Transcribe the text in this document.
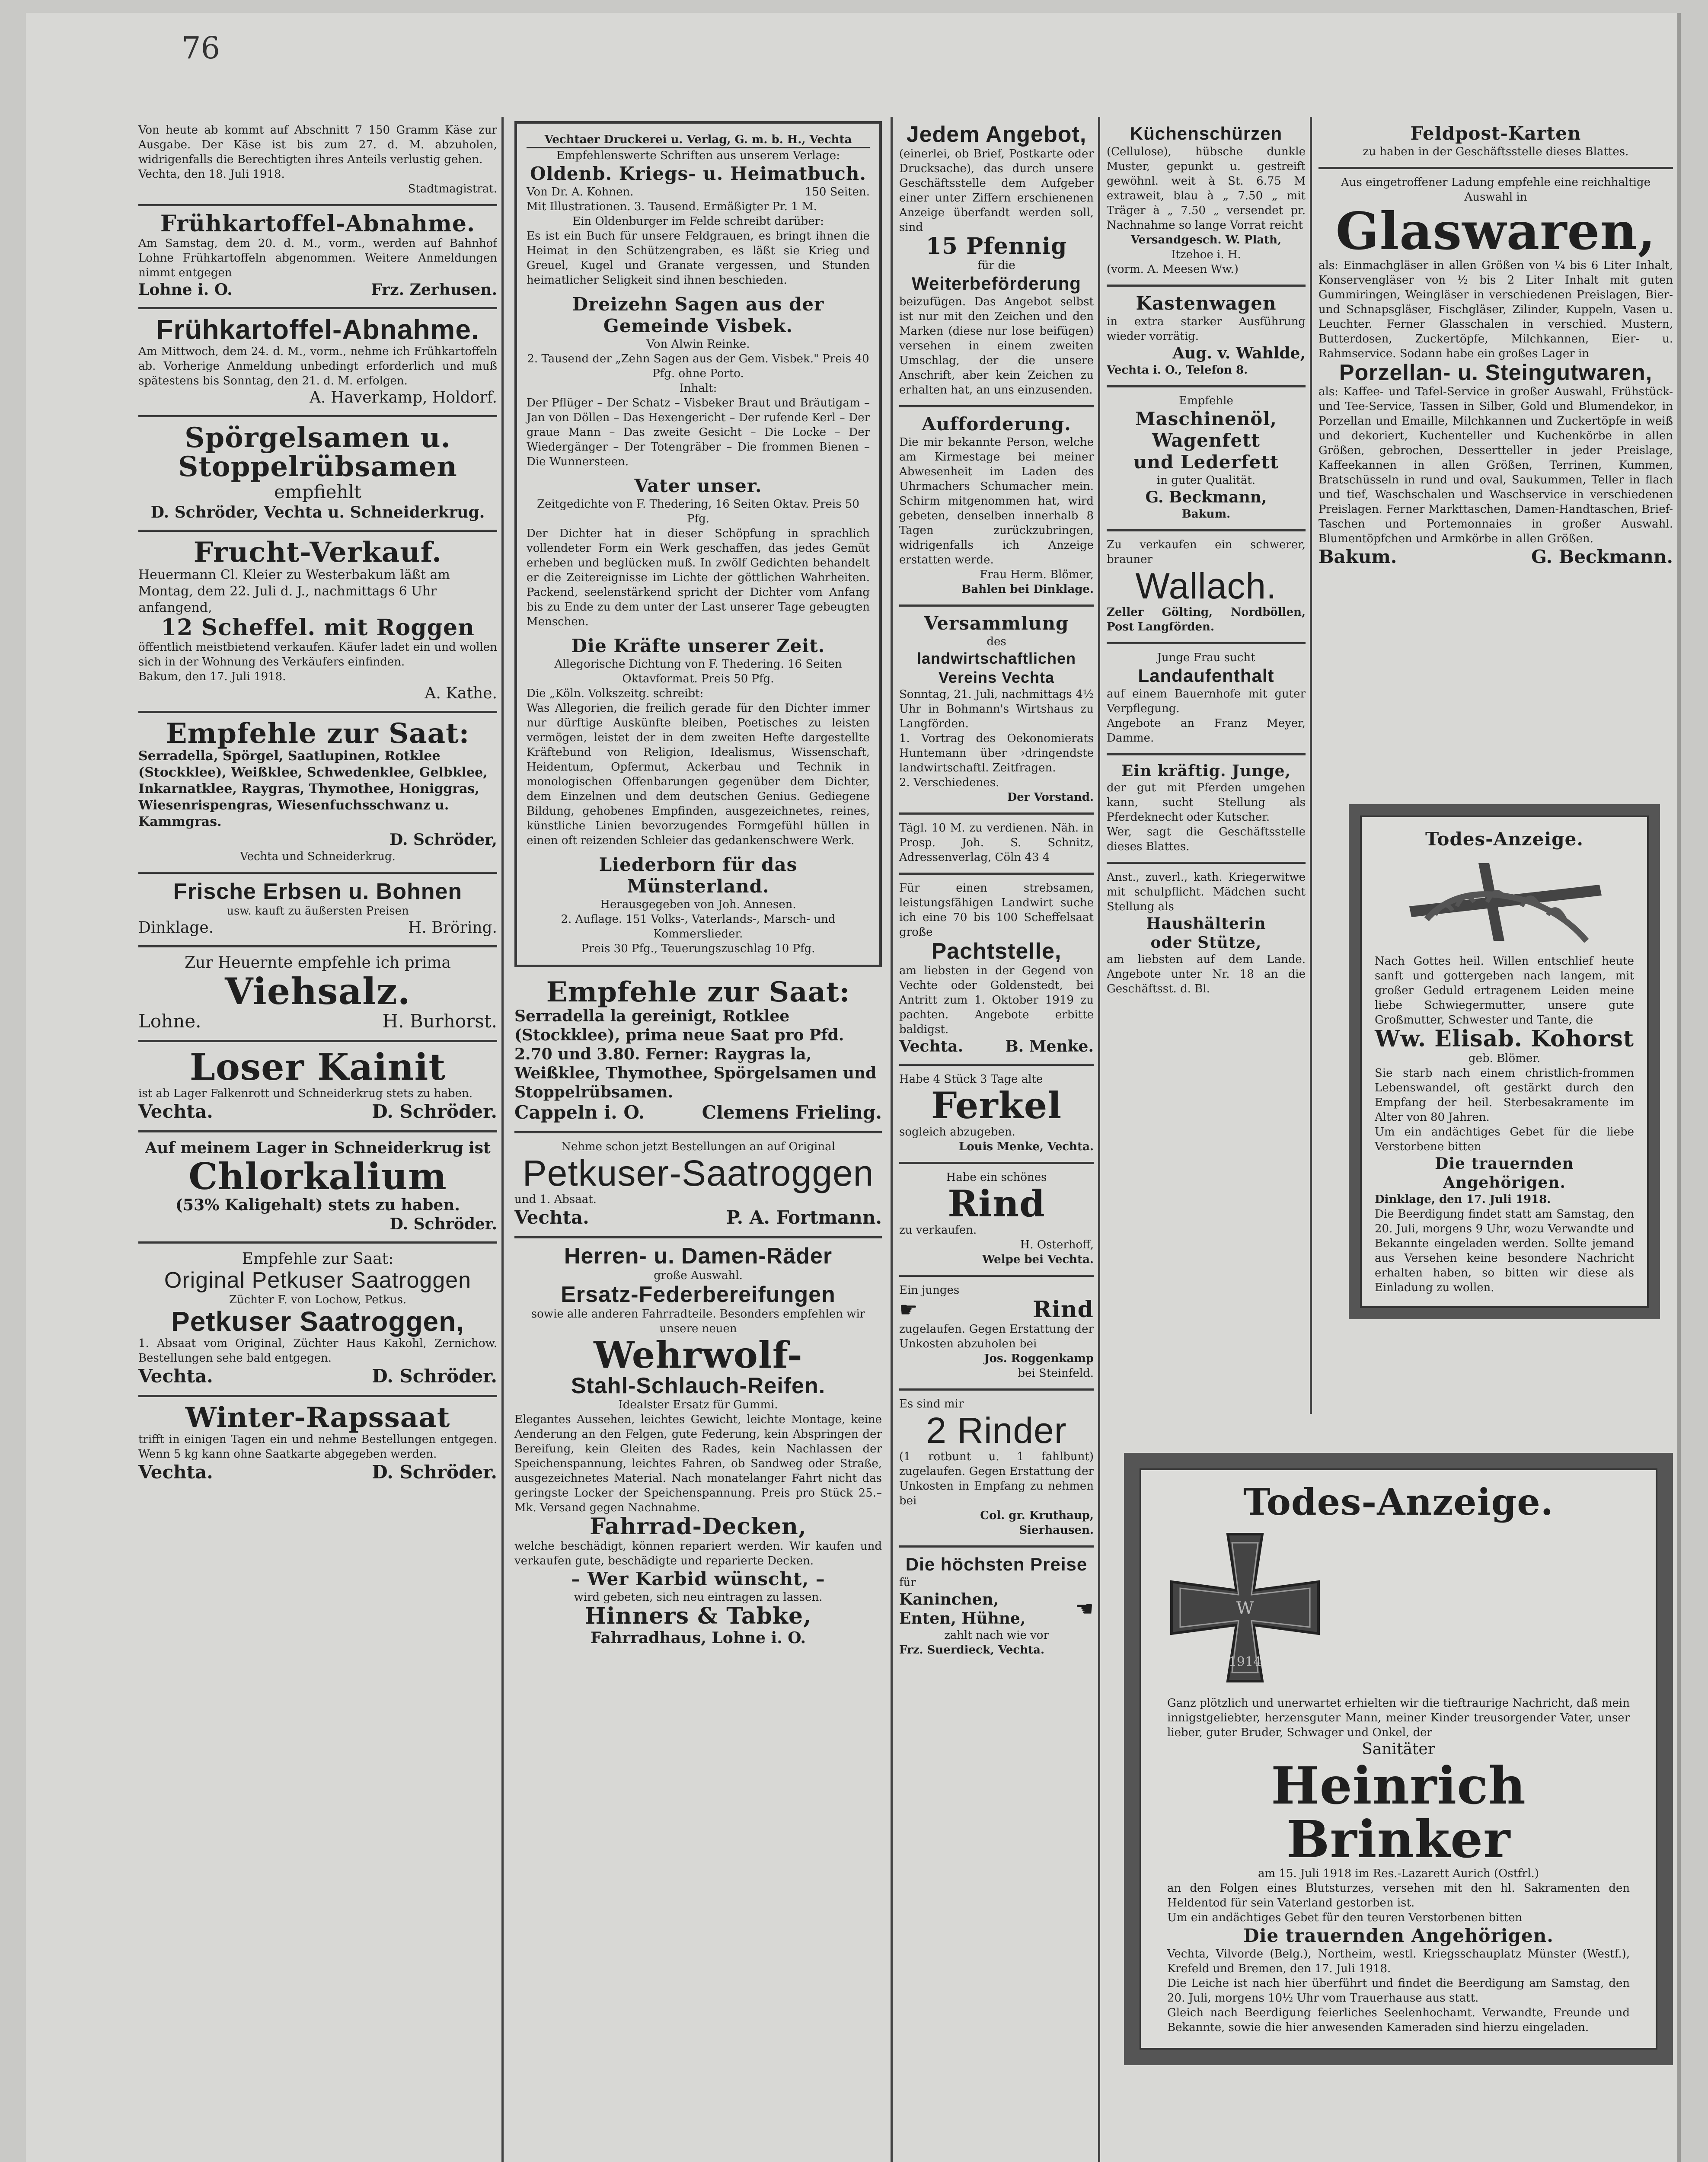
76

Von heute ab kommt auf Abschnitt 7 150 Gramm Käse zur Ausgabe. Der Käse ist bis zum 27. d. M. abzuholen, widrigenfalls die Berechtigten ihres Anteils verlustig gehen.

Vechta, den 18. Juli 1918.

Stadtmagistrat.

Frühkartoffel-Abnahme.

Am Samstag, dem 20. d. M., vorm., werden auf Bahnhof Lohne Frühkartoffeln abgenommen. Weitere Anmeldungen nimmt entgegen

Lohne i. O.	Frz. Zerhusen.

Frühkartoffel-Abnahme.

Am Mittwoch, dem 24. d. M., vorm., nehme ich Frühkartoffeln ab. Vorherige Anmeldung unbedingt erforderlich und muß spätestens bis Sonntag, den 21. d. M. erfolgen.

A. Haverkamp, Holdorf.

Spörgelsamen u.

Stoppelrübsamen

empfiehlt

D. Schröder, Vechta u. Schneiderkrug.

Frucht-Verkauf.

Heuermann Cl. Kleier zu Westerbakum läßt am Montag, dem 22. Juli d. J., nachmittags 6 Uhr anfangend,

12 Scheffel. mit Roggen

öffentlich meistbietend verkaufen. Käufer ladet ein und wollen sich in der Wohnung des Verkäufers einfinden.

Bakum, den 17. Juli 1918.

A. Kathe.

Empfehle zur Saat:

Serradella, Spörgel, Saatlupinen, Rotklee (Stockklee), Weißklee, Schwedenklee, Gelbklee, Inkarnatklee, Raygras, Thymothee, Honiggras, Wiesenrispengras, Wiesenfuchsschwanz u. Kammgras.

D. Schröder,

Vechta und Schneiderkrug.

Frische Erbsen u. Bohnen

usw. kauft zu äußersten Preisen

Dinklage.	H. Bröring.

Zur Heuernte empfehle ich prima

Viehsalz.

Lohne.	H. Burhorst.

Loser Kainit

ist ab Lager Falkenrott und Schneiderkrug stets zu haben.

Vechta.	D. Schröder.

Auf meinem Lager in Schneiderkrug ist

Chlorkalium

(53% Kaligehalt) stets zu haben.

D. Schröder.

Empfehle zur Saat:

Original Petkuser Saatroggen

Züchter F. von Lochow, Petkus.

Petkuser Saatroggen,

1. Absaat vom Original, Züchter Haus Kakohl, Zernichow. Bestellungen sehe bald entgegen.

Vechta.	D. Schröder.

Winter-Rapssaat

trifft in einigen Tagen ein und nehme Bestellungen entgegen. Wenn 5 kg kann ohne Saatkarte abgegeben werden.

Vechta.	D. Schröder.

Vechtaer Druckerei u. Verlag, G. m. b. H., Vechta

Empfehlenswerte Schriften aus unserem Verlage:

Oldenb. Kriegs- u. Heimatbuch.

Von Dr. A. Kohnen.	150 Seiten.

Mit Illustrationen. 3. Tausend. Ermäßigter Pr. 1 M.

Ein Oldenburger im Felde schreibt darüber:

Es ist ein Buch für unsere Feldgrauen, es bringt ihnen die Heimat in den Schützengraben, es läßt sie Krieg und Greuel, Kugel und Granate vergessen, und Stunden heimatlicher Seligkeit sind ihnen beschieden.

Dreizehn Sagen aus der Gemeinde Visbek.

Von Alwin Reinke.

2. Tausend der „Zehn Sagen aus der Gem. Visbek." Preis 40 Pfg. ohne Porto.

Inhalt:

Der Pflüger – Der Schatz – Visbeker Braut und Bräutigam – Jan von Döllen – Das Hexengericht – Der rufende Kerl – Der graue Mann – Das zweite Gesicht – Die Locke – Der Wiedergänger – Der Totengräber – Die frommen Bienen – Die Wunnersteen.

Vater unser.

Zeitgedichte von F. Thedering, 16 Seiten Oktav. Preis 50 Pfg.

Der Dichter hat in dieser Schöpfung in sprachlich vollendeter Form ein Werk geschaffen, das jedes Gemüt erheben und beglücken muß. In zwölf Gedichten behandelt er die Zeitereignisse im Lichte der göttlichen Wahrheiten. Packend, seelenstärkend spricht der Dichter vom Anfang bis zu Ende zu dem unter der Last unserer Tage gebeugten Menschen.

Die Kräfte unserer Zeit.

Allegorische Dichtung von F. Thedering. 16 Seiten Oktavformat. Preis 50 Pfg.

Die „Köln. Volkszeitg. schreibt:

Was Allegorien, die freilich gerade für den Dichter immer nur dürftige Auskünfte bleiben, Poetisches zu leisten vermögen, leistet der in dem zweiten Hefte dargestellte Kräftebund von Religion, Idealismus, Wissenschaft, Heidentum, Opfermut, Ackerbau und Technik in monologischen Offenbarungen gegenüber dem Dichter, dem Einzelnen und dem deutschen Genius. Gediegene Bildung, gehobenes Empfinden, ausgezeichnetes, reines, künstliche Linien bevorzugendes Formgefühl hüllen in einen oft reizenden Schleier das gedankenschwere Werk.

Liederborn für das Münsterland.

Herausgegeben von Joh. Annesen.

2. Auflage. 151 Volks-, Vaterlands-, Marsch- und Kommerslieder.

Preis 30 Pfg., Teuerungszuschlag 10 Pfg.

Empfehle zur Saat:

Serradella la gereinigt, Rotklee (Stockklee), prima neue Saat pro Pfd. 2.70 und 3.80. Ferner: Raygras la, Weißklee, Thymothee, Spörgelsamen und Stoppelrübsamen.

Cappeln i. O.	Clemens Frieling.

Nehme schon jetzt Bestellungen an auf Original

Petkuser-Saatroggen

und 1. Absaat.

Vechta.	P. A. Fortmann.

Herren- u. Damen-Räder

große Auswahl.

Ersatz-Federbereifungen

sowie alle anderen Fahrradteile. Besonders empfehlen wir unsere neuen

Wehrwolf-

Stahl-Schlauch-Reifen.

Idealster Ersatz für Gummi.

Elegantes Aussehen, leichtes Gewicht, leichte Montage, keine Aenderung an den Felgen, gute Federung, kein Abspringen der Bereifung, kein Gleiten des Rades, kein Nachlassen der Speichenspannung, leichtes Fahren, ob Sandweg oder Straße, ausgezeichnetes Material. Nach monatelanger Fahrt nicht das geringste Locker der Speichenspannung. Preis pro Stück 25.– Mk. Versand gegen Nachnahme.

Fahrrad-Decken,

welche beschädigt, können repariert werden. Wir kaufen und verkaufen gute, beschädigte und reparierte Decken.

– Wer Karbid wünscht, –

wird gebeten, sich neu eintragen zu lassen.

Hinners & Tabke,

Fahrradhaus, Lohne i. O.

Jedem Angebot,

(einerlei, ob Brief, Postkarte oder Drucksache), das durch unsere Geschäftsstelle dem Aufgeber einer unter Ziffern erschienenen Anzeige überfandt werden soll, sind

15 Pfennig

für die

Weiterbeförderung

beizufügen. Das Angebot selbst ist nur mit den Zeichen und den Marken (diese nur lose beifügen) versehen in einem zweiten Umschlag, der die unsere Anschrift, aber kein Zeichen zu erhalten hat, an uns einzusenden.

Aufforderung.

Die mir bekannte Person, welche am Kirmestage bei meiner Abwesenheit im Laden des Uhrmachers Schumacher mein. Schirm mitgenommen hat, wird gebeten, denselben innerhalb 8 Tagen zurückzubringen, widrigenfalls ich Anzeige erstatten werde.

Frau Herm. Blömer,

Bahlen bei Dinklage.

Versammlung

des

landwirtschaftlichen Vereins Vechta

Sonntag, 21. Juli, nachmittags 4½ Uhr in Bohmann's Wirtshaus zu Langförden.

1. Vortrag des Oekonomierats Huntemann über ›dringendste landwirtschaftl. Zeitfragen.

2. Verschiedenes.

Der Vorstand.

Tägl. 10 M. zu verdienen. Näh. in Prosp. Joh. S. Schnitz, Adressenverlag, Cöln 43 4

Für einen strebsamen, leistungsfähigen Landwirt suche ich eine 70 bis 100 Scheffelsaat große

Pachtstelle,

am liebsten in der Gegend von Vechte oder Goldenstedt, bei Antritt zum 1. Oktober 1919 zu pachten. Angebote erbitte baldigst.

Vechta.	B. Menke.

Habe 4 Stück 3 Tage alte

Ferkel

sogleich abzugeben.

Louis Menke, Vechta.

Habe ein schönes

Rind

zu verkaufen.

H. Osterhoff,

Welpe bei Vechta.

Ein junges

☛	Rind

zugelaufen. Gegen Erstattung der Unkosten abzuholen bei

Jos. Roggenkamp

bei Steinfeld.

Es sind mir

2 Rinder

(1 rotbunt u. 1 fahlbunt) zugelaufen. Gegen Erstattung der Unkosten in Empfang zu nehmen bei

Col. gr. Kruthaup,

Sierhausen.

Die höchsten Preise

für

Kaninchen, Enten, Hühne, ☚

zahlt nach wie vor

Frz. Suerdieck, Vechta.

Küchenschürzen

(Cellulose), hübsche dunkle Muster, gepunkt u. gestreift gewöhnl. weit à St. 6.75 M extraweit, blau à „ 7.50 „ mit Träger à „ 7.50 „ versendet pr. Nachnahme so lange Vorrat reicht

Versandgesch. W. Plath,

Itzehoe i. H.

(vorm. A. Meesen Ww.)

Kastenwagen

in extra starker Ausführung wieder vorrätig.

Aug. v. Wahlde,

Vechta i. O., Telefon 8.

Empfehle

Maschinenöl,

Wagenfett

und Lederfett

in guter Qualität.

G. Beckmann,

Bakum.

Zu verkaufen ein schwerer, brauner

Wallach.

Zeller Gölting, Nordböllen, Post Langförden.

Junge Frau sucht

Landaufenthalt

auf einem Bauernhofe mit guter Verpflegung.

Angebote an Franz Meyer, Damme.

Ein kräftig. Junge,

der gut mit Pferden umgehen kann, sucht Stellung als Pferdeknecht oder Kutscher.

Wer, sagt die Geschäftsstelle dieses Blattes.

Anst., zuverl., kath. Kriegerwitwe mit schulpflicht. Mädchen sucht Stellung als

Haushälterin

oder Stütze,

am liebsten auf dem Lande. Angebote unter Nr. 18 an die Geschäftsst. d. Bl.

Feldpost-Karten

zu haben in der Geschäftsstelle dieses Blattes.

Aus eingetroffener Ladung empfehle eine reichhaltige Auswahl in

Glaswaren,

als: Einmachgläser in allen Größen von ¼ bis 6 Liter Inhalt, Konservengläser von ½ bis 2 Liter Inhalt mit guten Gummiringen, Weingläser in verschiedenen Preislagen, Bier- und Schnapsgläser, Fischgläser, Zilinder, Kuppeln, Vasen u. Leuchter. Ferner Glasschalen in verschied. Mustern, Butterdosen, Zuckertöpfe, Milchkannen, Eier- u. Rahmservice. Sodann habe ein großes Lager in

Porzellan- u. Steingutwaren,

als: Kaffee- und Tafel-Service in großer Auswahl, Frühstück- und Tee-Service, Tassen in Silber, Gold und Blumendekor, in Porzellan und Emaille, Milchkannen und Zuckertöpfe in weiß und dekoriert, Kuchenteller und Kuchenkörbe in allen Größen, gebrochen, Dessertteller in jeder Preislage, Kaffeekannen in allen Größen, Terrinen, Kummen, Bratschüsseln in rund und oval, Saukummen, Teller in flach und tief, Waschschalen und Waschservice in verschiedenen Preislagen. Ferner Markttaschen, Damen-Handtaschen, Brief-Taschen und Portemonnaies in großer Auswahl. Blumentöpfchen und Armkörbe in allen Größen.

Bakum.	G. Beckmann.

Todes-Anzeige.

Nach Gottes heil. Willen entschlief heute sanft und gottergeben nach langem, mit großer Geduld ertragenem Leiden meine liebe Schwiegermutter, unsere gute Großmutter, Schwester und Tante, die

Ww. Elisab. Kohorst

geb. Blömer.

Sie starb nach einem christlich-frommen Lebenswandel, oft gestärkt durch den Empfang der heil. Sterbesakramente im Alter von 80 Jahren.

Um ein andächtiges Gebet für die liebe Verstorbene bitten

Die trauernden Angehörigen.

Dinklage, den 17. Juli 1918.

Die Beerdigung findet statt am Samstag, den 20. Juli, morgens 9 Uhr, wozu Verwandte und Bekannte eingeladen werden. Sollte jemand aus Versehen keine besondere Nachricht erhalten haben, so bitten wir diese als Einladung zu wollen.

Todes-Anzeige.

W
1914

Ganz plötzlich und unerwartet erhielten wir die tieftraurige Nachricht, daß mein innigstgeliebter, herzensguter Mann, meiner Kinder treusorgender Vater, unser lieber, guter Bruder, Schwager und Onkel, der

Sanitäter

Heinrich Brinker

am 15. Juli 1918 im Res.-Lazarett Aurich (Ostfrl.)

an den Folgen eines Blutsturzes, versehen mit den hl. Sakramenten den Heldentod für sein Vaterland gestorben ist.

Um ein andächtiges Gebet für den teuren Verstorbenen bitten

Die trauernden Angehörigen.

Vechta, Vilvorde (Belg.), Northeim, westl. Kriegsschauplatz Münster (Westf.), Krefeld und Bremen, den 17. Juli 1918.

Die Leiche ist nach hier überführt und findet die Beerdigung am Samstag, den 20. Juli, morgens 10½ Uhr vom Trauerhause aus statt.

Gleich nach Beerdigung feierliches Seelenhochamt. Verwandte, Freunde und Bekannte, sowie die hier anwesenden Kameraden sind hierzu eingeladen.
